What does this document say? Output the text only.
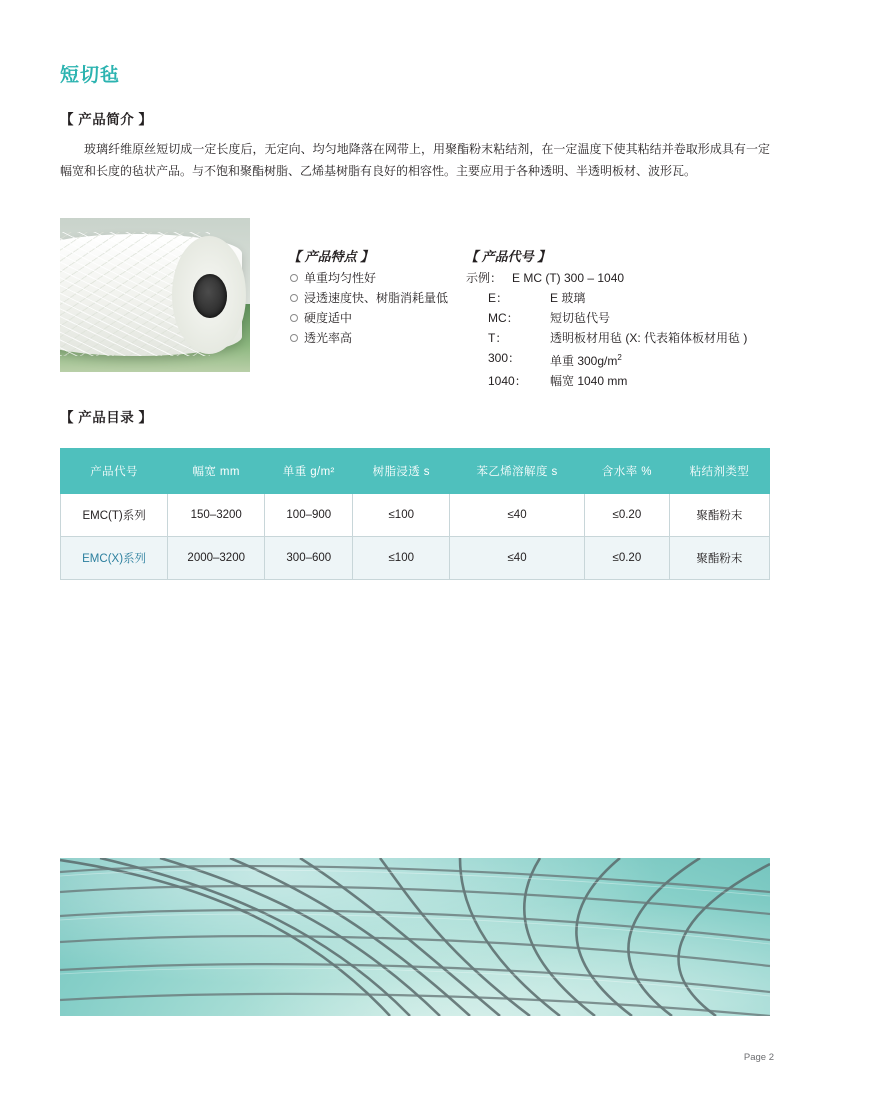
短切毡
【 产品简介 】
玻璃纤维原丝短切成一定长度后，无定向、均匀地降落在网带上，用聚酯粉末粘结剂，在一定温度下使其粘结并卷取形成具有一定幅宽和长度的毡状产品。与不饱和聚酯树脂、乙烯基树脂有良好的相容性。主要应用于各种透明、半透明板材、波形瓦。
【 产品特点 】
单重均匀性好
浸透速度快、树脂消耗量低
硬度适中
透光率高
【 产品代号 】
示例： E MC (T) 300 – 1040
E：	E 玻璃
MC：	短切毡代号
T：	透明板材用毡 (X: 代表箱体板材用毡 )
300：	单重 $300g/m^2$
1040：	幅宽 1040 mm
【 产品目录 】
产品代号	幅宽 mm	单重 g/m²	树脂浸透 s	苯乙烯溶解度 s	含水率 %	粘结剂类型
EMC(T)系列	150–3200	100–900	≤100	≤40	≤0.20	聚酯粉末
EMC(X)系列	2000–3200	300–600	≤100	≤40	≤0.20	聚酯粉末
Page 2
